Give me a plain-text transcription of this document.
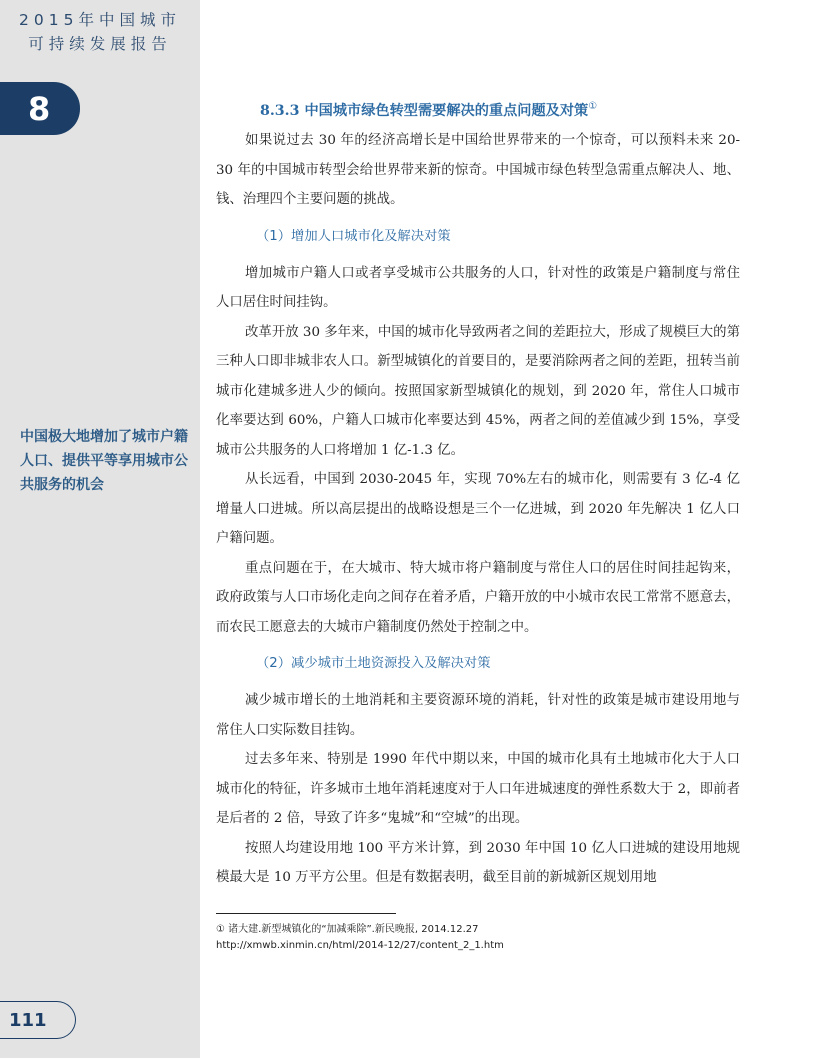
2015年中国城市
可持续发展报告
8
中国极大地增加了城市户籍人口、提供平等享用城市公共服务的机会
111
8.3.3 中国城市绿色转型需要解决的重点问题及对策①

如果说过去 30 年的经济高增长是中国给世界带来的一个惊奇，可以预料未来 20-30 年的中国城市转型会给世界带来新的惊奇。中国城市绿色转型急需重点解决人、地、钱、治理四个主要问题的挑战。

（1）增加人口城市化及解决对策

增加城市户籍人口或者享受城市公共服务的人口，针对性的政策是户籍制度与常住人口居住时间挂钩。

改革开放 30 多年来，中国的城市化导致两者之间的差距拉大，形成了规模巨大的第三种人口即非城非农人口。新型城镇化的首要目的，是要消除两者之间的差距，扭转当前城市化建城多进人少的倾向。按照国家新型城镇化的规划，到 2020 年，常住人口城市化率要达到 60%，户籍人口城市化率要达到 45%，两者之间的差值减少到 15%，享受城市公共服务的人口将增加 1 亿-1.3 亿。

从长远看，中国到 2030-2045 年，实现 70%左右的城市化，则需要有 3 亿-4 亿增量人口进城。所以高层提出的战略设想是三个一亿进城，到 2020 年先解决 1 亿人口户籍问题。

重点问题在于，在大城市、特大城市将户籍制度与常住人口的居住时间挂起钩来，政府政策与人口市场化走向之间存在着矛盾，户籍开放的中小城市农民工常常不愿意去，而农民工愿意去的大城市户籍制度仍然处于控制之中。

（2）减少城市土地资源投入及解决对策

减少城市增长的土地消耗和主要资源环境的消耗，针对性的政策是城市建设用地与常住人口实际数目挂钩。

过去多年来、特别是 1990 年代中期以来，中国的城市化具有土地城市化大于人口城市化的特征，许多城市土地年消耗速度对于人口年进城速度的弹性系数大于 2，即前者是后者的 2 倍，导致了许多“鬼城”和“空城”的出现。

按照人均建设用地 100 平方米计算，到 2030 年中国 10 亿人口进城的建设用地规模最大是 10 万平方公里。但是有数据表明，截至目前的新城新区规划用地

① 诸大建.新型城镇化的“加减乘除”.新民晚报, 2014.12.27
http://xmwb.xinmin.cn/html/2014-12/27/content_2_1.htm
